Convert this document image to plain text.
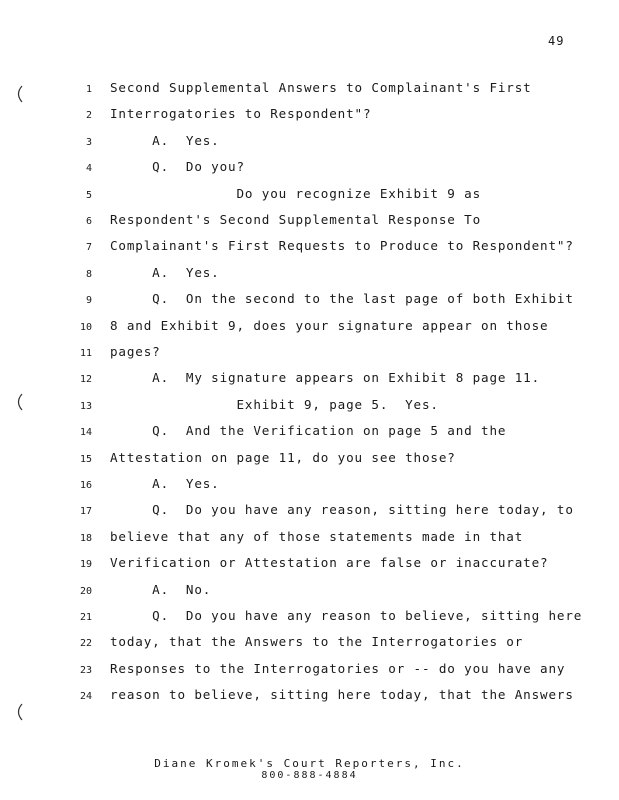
49
1 Second Supplemental Answers to Complainant's First
2 Interrogatories to Respondent"?
3 A.  Yes.
4 Q.  Do you?
5 Do you recognize Exhibit 9 as
6 Respondent's Second Supplemental Response To
7 Complainant's First Requests to Produce to Respondent"?
8 A.  Yes.
9 Q.  On the second to the last page of both Exhibit
10 8 and Exhibit 9, does your signature appear on those
11 pages?
12 A.  My signature appears on Exhibit 8 page 11.
13 Exhibit 9, page 5.  Yes.
14 Q.  And the Verification on page 5 and the
15 Attestation on page 11, do you see those?
16 A.  Yes.
17 Q.  Do you have any reason, sitting here today, to
18 believe that any of those statements made in that
19 Verification or Attestation are false or inaccurate?
20 A.  No.
21 Q.  Do you have any reason to believe, sitting here
22 today, that the Answers to the Interrogatories or
23 Responses to the Interrogatories or -- do you have any
24 reason to believe, sitting here today, that the Answers
Diane Kromek's Court Reporters, Inc.
800-888-4884
